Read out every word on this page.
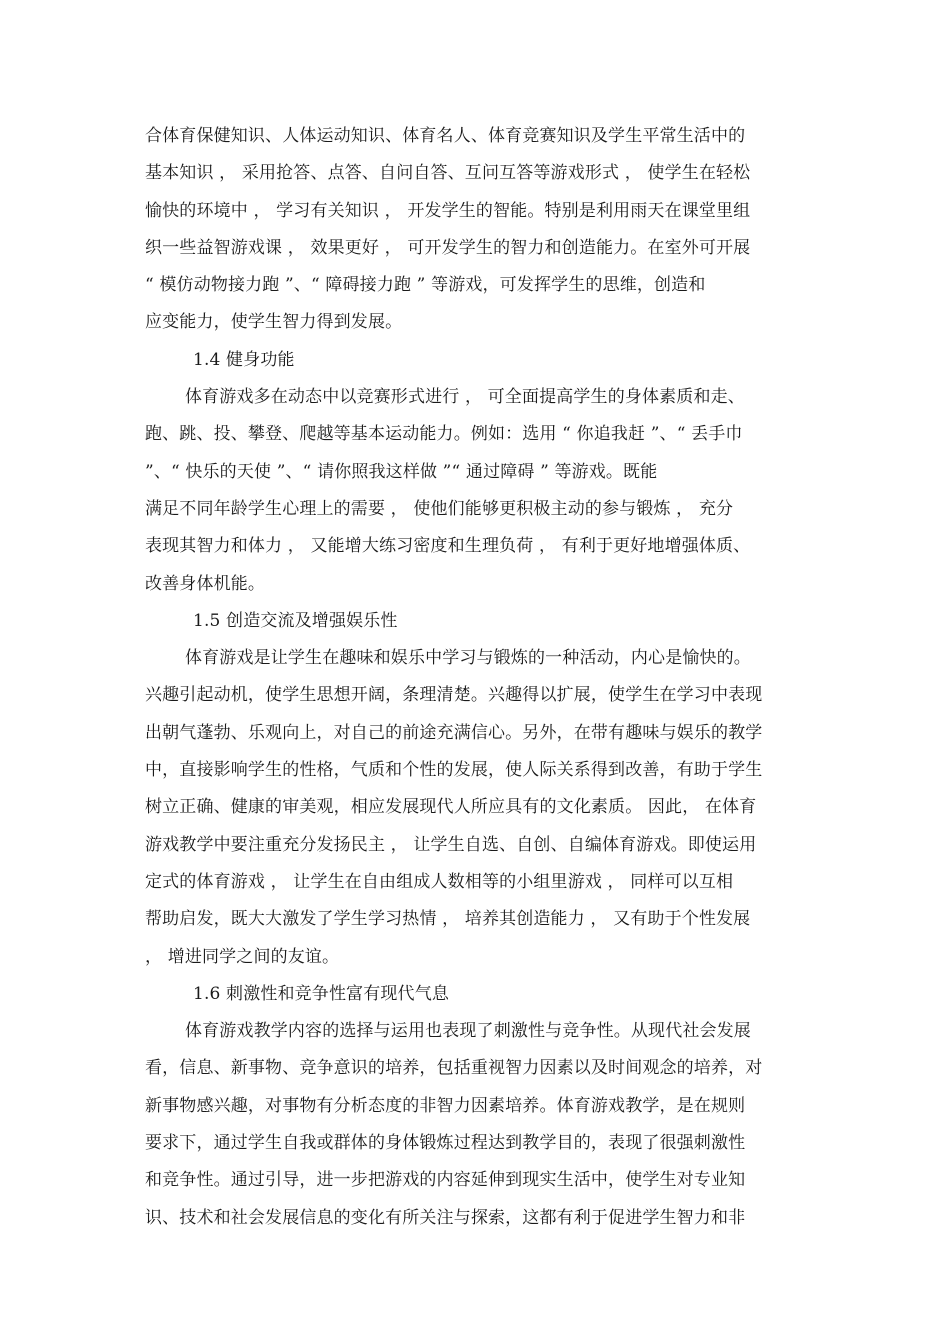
合体育保健知识、人体运动知识、体育名人、体育竞赛知识及学生平常生活中的
基本知识 ， 采用抢答、点答、自问自答、互问互答等游戏形式 ， 使学生在轻松
愉快的环境中 ， 学习有关知识 ， 开发学生的智能。特别是利用雨天在课堂里组
织一些益智游戏课 ， 效果更好 ， 可开发学生的智力和创造能力。在室外可开展
“ 模仿动物接力跑 ”、“ 障碍接力跑 ” 等游戏，可发挥学生的思维，创造和
应变能力，使学生智力得到发展。
1.4 健身功能
体育游戏多在动态中以竞赛形式进行 ， 可全面提高学生的身体素质和走、
跑、跳、投、攀登、爬越等基本运动能力。例如：选用 “ 你追我赶 ”、“ 丢手巾
”、“ 快乐的天使 ”、“ 请你照我这样做 ”“ 通过障碍 ” 等游戏。既能
满足不同年龄学生心理上的需要 ， 使他们能够更积极主动的参与锻炼 ， 充分
表现其智力和体力 ， 又能增大练习密度和生理负荷 ， 有利于更好地增强体质、
改善身体机能。
1.5 创造交流及增强娱乐性
体育游戏是让学生在趣味和娱乐中学习与锻炼的一种活动，内心是愉快的。
兴趣引起动机，使学生思想开阔，条理清楚。兴趣得以扩展，使学生在学习中表现
出朝气蓬勃、乐观向上，对自己的前途充满信心。另外，在带有趣味与娱乐的教学
中，直接影响学生的性格，气质和个性的发展，使人际关系得到改善，有助于学生
树立正确、健康的审美观，相应发展现代人所应具有的文化素质。 因此， 在体育
游戏教学中要注重充分发扬民主 ， 让学生自选、自创、自编体育游戏。即使运用
定式的体育游戏 ， 让学生在自由组成人数相等的小组里游戏 ， 同样可以互相
帮助启发，既大大激发了学生学习热情 ， 培养其创造能力 ， 又有助于个性发展
， 增进同学之间的友谊。
1.6 刺激性和竞争性富有现代气息
体育游戏教学内容的选择与运用也表现了刺激性与竞争性。从现代社会发展
看，信息、新事物、竞争意识的培养，包括重视智力因素以及时间观念的培养，对
新事物感兴趣，对事物有分析态度的非智力因素培养。体育游戏教学，是在规则
要求下，通过学生自我或群体的身体锻炼过程达到教学目的，表现了很强刺激性
和竞争性。通过引导，进一步把游戏的内容延伸到现实生活中，使学生对专业知
识、技术和社会发展信息的变化有所关注与探索，这都有利于促进学生智力和非
